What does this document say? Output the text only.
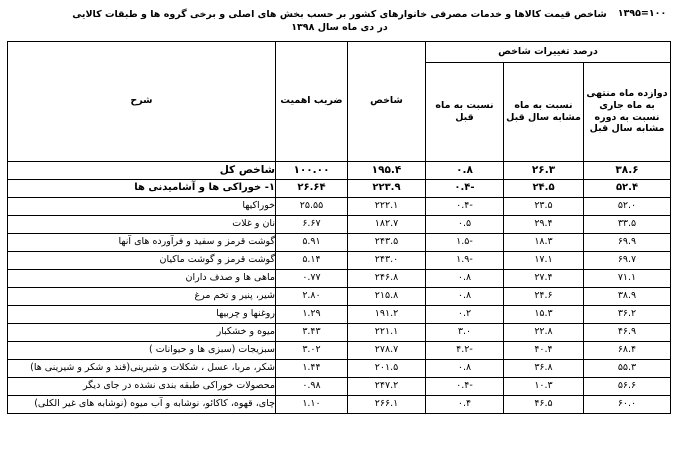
۱۰۰=۱۳۹۵
شاخص قیمت کالاها و خدمات مصرفی خانوارهای کشور بر حسب بخش های اصلی و برخی گروه ها و طبقات کالایی در دی ماه سال ۱۳۹۸
درصد تغییرات شاخص			شاخص	ضریب اهمیت	شرح
دوازده ماه منتهی به ماه جاری نسبت به دوره مشابه سال قبل	نسبت به ماه مشابه سال قبل	نسبت به ماه قبل			
۳۸.۶	۲۶.۳	۰.۸	۱۹۵.۴	۱۰۰.۰۰	شاخص کل
۵۲.۴	۲۴.۵	-۰.۴	۲۲۳.۹	۲۶.۶۴	۱- خوراکی ها و آشامیدنی ها
۵۲.۰	۲۳.۵	-۰.۴	۲۲۲.۱	۲۵.۵۵	خوراکیها
۳۳.۵	۲۹.۴	۰.۵	۱۸۲.۷	۶.۶۷	نان و غلات
۶۹.۹	۱۸.۳	-۱.۵	۲۴۳.۵	۵.۹۱	گوشت قرمز و سفید و فرآورده های آنها
۶۹.۷	۱۷.۱	-۱.۹	۲۴۳.۰	۵.۱۴	گوشت قرمز و گوشت ماکیان
۷۱.۱	۲۷.۴	۰.۸	۲۴۶.۸	۰.۷۷	ماهی ها و صدف داران
۳۸.۹	۲۴.۶	۰.۸	۲۱۵.۸	۲.۸۰	شیر، پنیر و تخم مرغ
۳۶.۲	۱۵.۳	۰.۲	۱۹۱.۲	۱.۲۹	روغنها و چربیها
۴۶.۹	۲۲.۸	۳.۰	۲۲۱.۱	۳.۴۳	میوه و خشکبار
۶۸.۴	۴۰.۴	-۴.۲	۲۷۸.۷	۳.۰۲	سبزیجات (سبزی ها و حیوانات )
۵۵.۳	۳۶.۸	۰.۸	۲۰۱.۵	۱.۴۴	شکر، مربا، عسل ، شکلات و شیرینی(قند و شکر و شیرینی ها)
۵۶.۶	۱۰.۳	-۰.۴	۲۴۷.۲	۰.۹۸	محصولات خوراکی طبقه بندی نشده در جای دیگر
۶۰.۰	۴۶.۵	۰.۴	۲۶۶.۱	۱.۱۰	چای، قهوه، کاکائو، نوشابه و آب میوه (نوشابه های غیر الکلی)
